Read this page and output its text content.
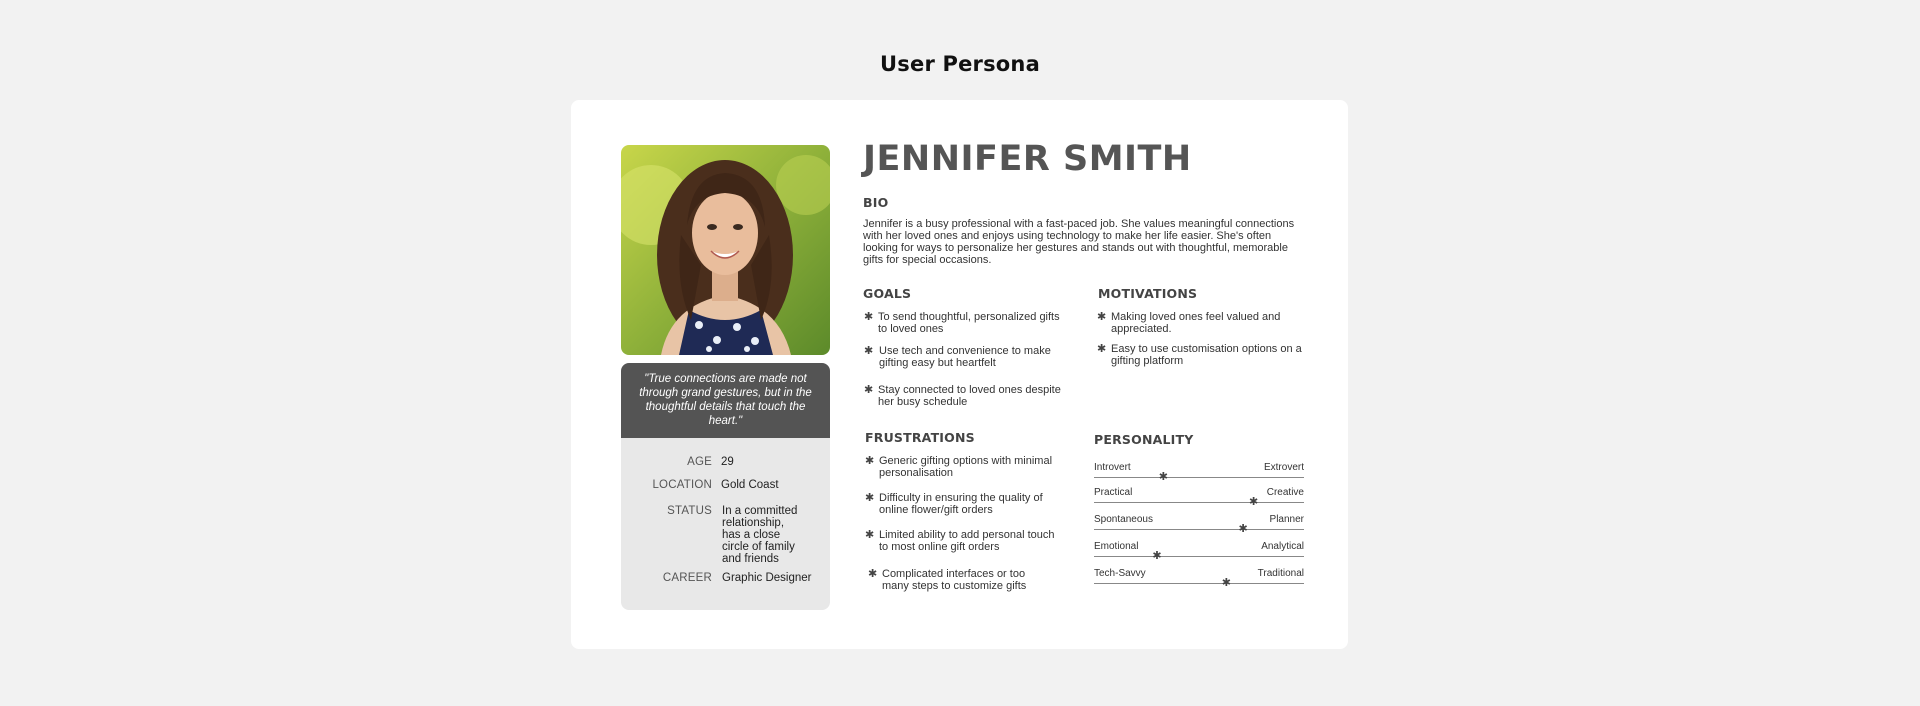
User Persona
"True connections are made not through grand gestures, but in the thoughtful details that touch the heart."
AGE 29
LOCATION Gold Coast
STATUS In a committed relationship, has a close circle of family and friends
CAREER Graphic Designer
JENNIFER SMITH
BIO
Jennifer is a busy professional with a fast-paced job. She values meaningful connections with her loved ones and enjoys using technology to make her life easier. She's often looking for ways to personalize her gestures and stands out with thoughtful, memorable gifts for special occasions.
GOALS
✱ To send thoughtful, personalized gifts to loved ones
✱ Use tech and convenience to make gifting easy but heartfelt
✱ Stay connected to loved ones despite her busy schedule
MOTIVATIONS
✱ Making loved ones feel valued and appreciated.
✱ Easy to use customisation options on a gifting platform
FRUSTRATIONS
✱ Generic gifting options with minimal personalisation
✱ Difficulty in ensuring the quality of online flower/gift orders
✱ Limited ability to add personal touch to most online gift orders
✱ Complicated interfaces or too many steps to customize gifts
PERSONALITY
Introvert	Extrovert
✱
Practical	Creative
✱
Spontaneous	Planner
✱
Emotional	Analytical
✱
Tech-Savvy	Traditional
✱
